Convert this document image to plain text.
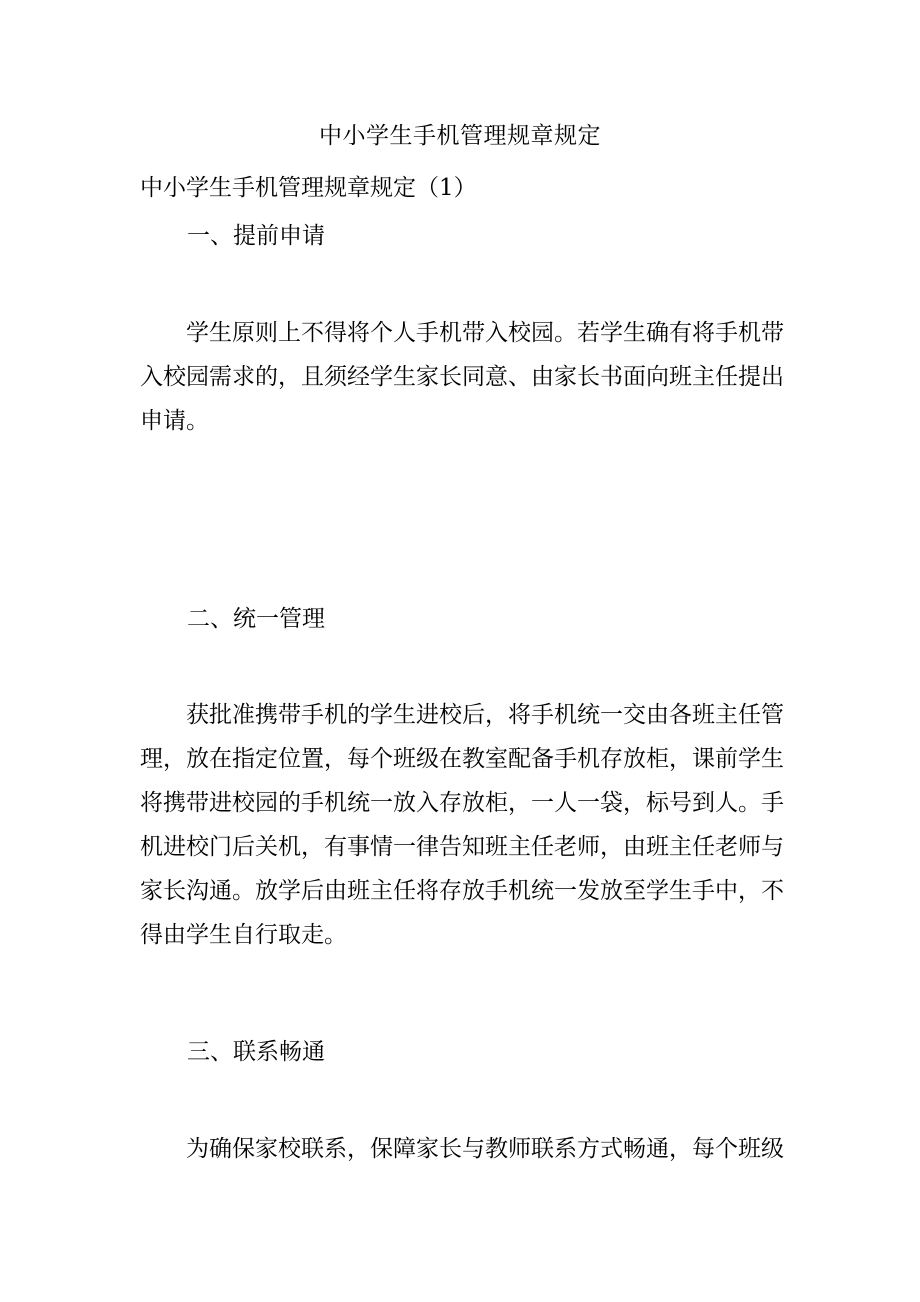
中小学生手机管理规章规定
中小学生手机管理规章规定（1）
一、提前申请
学生原则上不得将个人手机带入校园。若学生确有将手机带
入校园需求的，且须经学生家长同意、由家长书面向班主任提出
申请。
二、统一管理
获批准携带手机的学生进校后，将手机统一交由各班主任管
理，放在指定位置，每个班级在教室配备手机存放柜，课前学生
将携带进校园的手机统一放入存放柜，一人一袋，标号到人。手
机进校门后关机，有事情一律告知班主任老师，由班主任老师与
家长沟通。放学后由班主任将存放手机统一发放至学生手中，不
得由学生自行取走。
三、联系畅通
为确保家校联系，保障家长与教师联系方式畅通，每个班级
